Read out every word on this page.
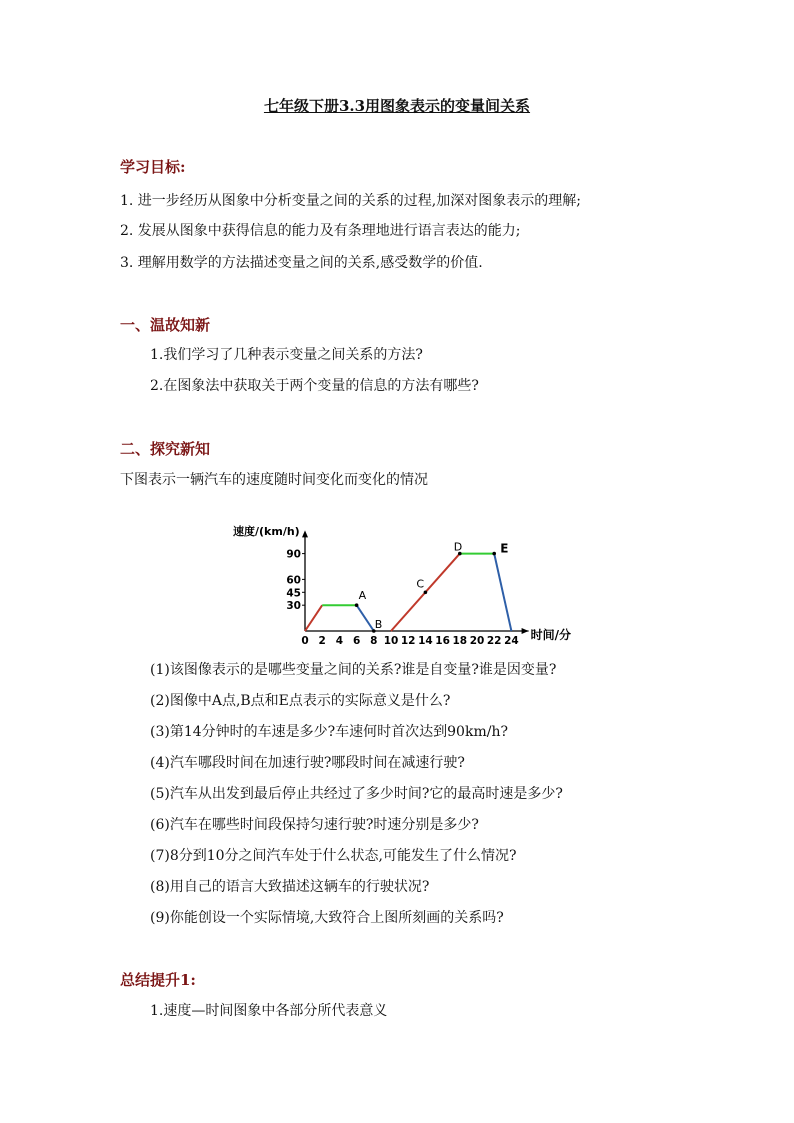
七年级下册3.3用图象表示的变量间关系
学习目标:
1. 进一步经历从图象中分析变量之间的关系的过程,加深对图象表示的理解;
2. 发展从图象中获得信息的能力及有条理地进行语言表达的能力;
3. 理解用数学的方法描述变量之间的关系,感受数学的价值.
一、温故知新
1.我们学习了几种表示变量之间关系的方法?
2.在图象法中获取关于两个变量的信息的方法有哪些?
二、探究新知
下图表示一辆汽车的速度随时间变化而变化的情况
速度/(km/h)
时间/分
0 2 4 6 8 10 12 14 16 18 20 22 24
30
45
60
90
A
B
C
D	E
(1)该图像表示的是哪些变量之间的关系?谁是自变量?谁是因变量?
(2)图像中A点,B点和E点表示的实际意义是什么?
(3)第14分钟时的车速是多少?车速何时首次达到90km/h?
(4)汽车哪段时间在加速行驶?哪段时间在减速行驶?
(5)汽车从出发到最后停止共经过了多少时间?它的最高时速是多少?
(6)汽车在哪些时间段保持匀速行驶?时速分别是多少?
(7)8分到10分之间汽车处于什么状态,可能发生了什么情况?
(8)用自己的语言大致描述这辆车的行驶状况?
(9)你能创设一个实际情境,大致符合上图所刻画的关系吗?
总结提升1:
1.速度—时间图象中各部分所代表意义
